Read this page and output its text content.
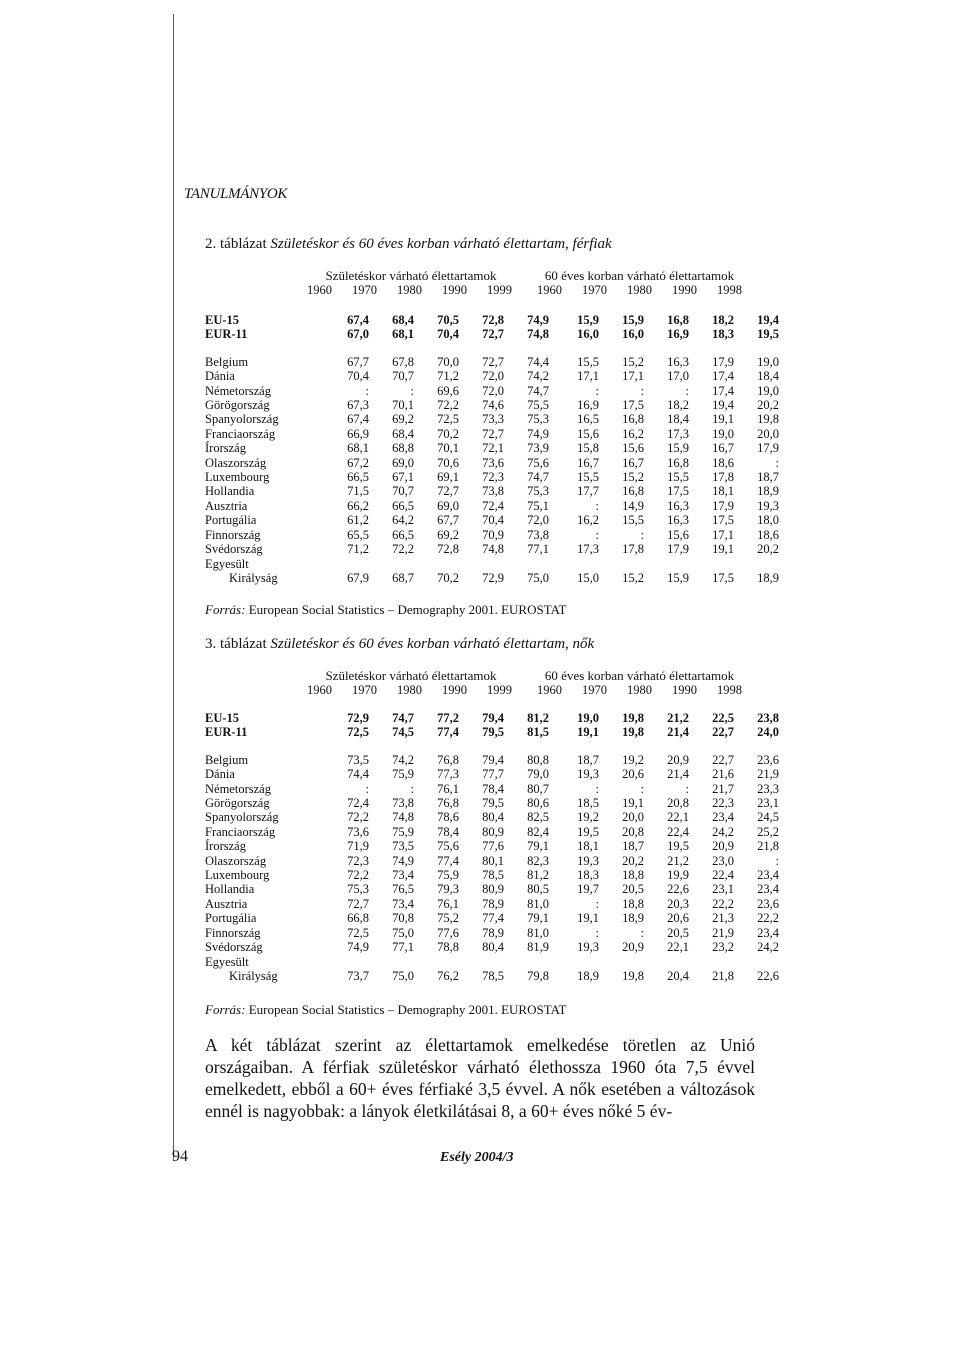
TANULMÁNYOK
2. táblázat Születéskor és 60 éves korban várható élettartam, férfiak
Születéskor várható élettartamok	60 éves korban várható élettartamok
1960	1970	1980	1990	1999	1960	1970	1980	1990	1998
EU-15	67,4	68,4	70,5	72,8	74,9	15,9	15,9	16,8	18,2	19,4
EUR-11	67,0	68,1	70,4	72,7	74,8	16,0	16,0	16,9	18,3	19,5

Belgium	67,7	67,8	70,0	72,7	74,4	15,5	15,2	16,3	17,9	19,0
Dánia	70,4	70,7	71,2	72,0	74,2	17,1	17,1	17,0	17,4	18,4
Németország	:	:	69,6	72,0	74,7	:	:	:	17,4	19,0
Görögország	67,3	70,1	72,2	74,6	75,5	16,9	17,5	18,2	19,4	20,2
Spanyolország	67,4	69,2	72,5	73,3	75,3	16,5	16,8	18,4	19,1	19,8
Franciaország	66,9	68,4	70,2	72,7	74,9	15,6	16,2	17,3	19,0	20,0
Írország	68,1	68,8	70,1	72,1	73,9	15,8	15,6	15,9	16,7	17,9
Olaszország	67,2	69,0	70,6	73,6	75,6	16,7	16,7	16,8	18,6	:
Luxembourg	66,5	67,1	69,1	72,3	74,7	15,5	15,2	15,5	17,8	18,7
Hollandia	71,5	70,7	72,7	73,8	75,3	17,7	16,8	17,5	18,1	18,9
Ausztria	66,2	66,5	69,0	72,4	75,1	:	14,9	16,3	17,9	19,3
Portugália	61,2	64,2	67,7	70,4	72,0	16,2	15,5	16,3	17,5	18,0
Finnország	65,5	66,5	69,2	70,9	73,8	:	:	15,6	17,1	18,6
Svédország	71,2	72,2	72,8	74,8	77,1	17,3	17,8	17,9	19,1	20,2
Egyesült										
Királyság	67,9	68,7	70,2	72,9	75,0	15,0	15,2	15,9	17,5	18,9
Forrás: European Social Statistics – Demography 2001. EUROSTAT
3. táblázat Születéskor és 60 éves korban várható élettartam, nők
Születéskor várható élettartamok	60 éves korban várható élettartamok
1960	1970	1980	1990	1999	1960	1970	1980	1990	1998
EU-15	72,9	74,7	77,2	79,4	81,2	19,0	19,8	21,2	22,5	23,8
EUR-11	72,5	74,5	77,4	79,5	81,5	19,1	19,8	21,4	22,7	24,0

Belgium	73,5	74,2	76,8	79,4	80,8	18,7	19,2	20,9	22,7	23,6
Dánia	74,4	75,9	77,3	77,7	79,0	19,3	20,6	21,4	21,6	21,9
Németország	:	:	76,1	78,4	80,7	:	:	:	21,7	23,3
Görögország	72,4	73,8	76,8	79,5	80,6	18,5	19,1	20,8	22,3	23,1
Spanyolország	72,2	74,8	78,6	80,4	82,5	19,2	20,0	22,1	23,4	24,5
Franciaország	73,6	75,9	78,4	80,9	82,4	19,5	20,8	22,4	24,2	25,2
Írország	71,9	73,5	75,6	77,6	79,1	18,1	18,7	19,5	20,9	21,8
Olaszország	72,3	74,9	77,4	80,1	82,3	19,3	20,2	21,2	23,0	:
Luxembourg	72,2	73,4	75,9	78,5	81,2	18,3	18,8	19,9	22,4	23,4
Hollandia	75,3	76,5	79,3	80,9	80,5	19,7	20,5	22,6	23,1	23,4
Ausztria	72,7	73,4	76,1	78,9	81,0	:	18,8	20,3	22,2	23,6
Portugália	66,8	70,8	75,2	77,4	79,1	19,1	18,9	20,6	21,3	22,2
Finnország	72,5	75,0	77,6	78,9	81,0	:	:	20,5	21,9	23,4
Svédország	74,9	77,1	78,8	80,4	81,9	19,3	20,9	22,1	23,2	24,2
Egyesült										
Királyság	73,7	75,0	76,2	78,5	79,8	18,9	19,8	20,4	21,8	22,6
Forrás: European Social Statistics – Demography 2001. EUROSTAT
A két táblázat szerint az élettartamok emelkedése töretlen az Unió országaiban. A férfiak születéskor várható élethossza 1960 óta 7,5 évvel emelkedett, ebből a 60+ éves férfiaké 3,5 évvel. A nők esetében a változások ennél is nagyobbak: a lányok életkilátásai 8, a 60+ éves nőké 5 év-
94	Esély 2004/3
